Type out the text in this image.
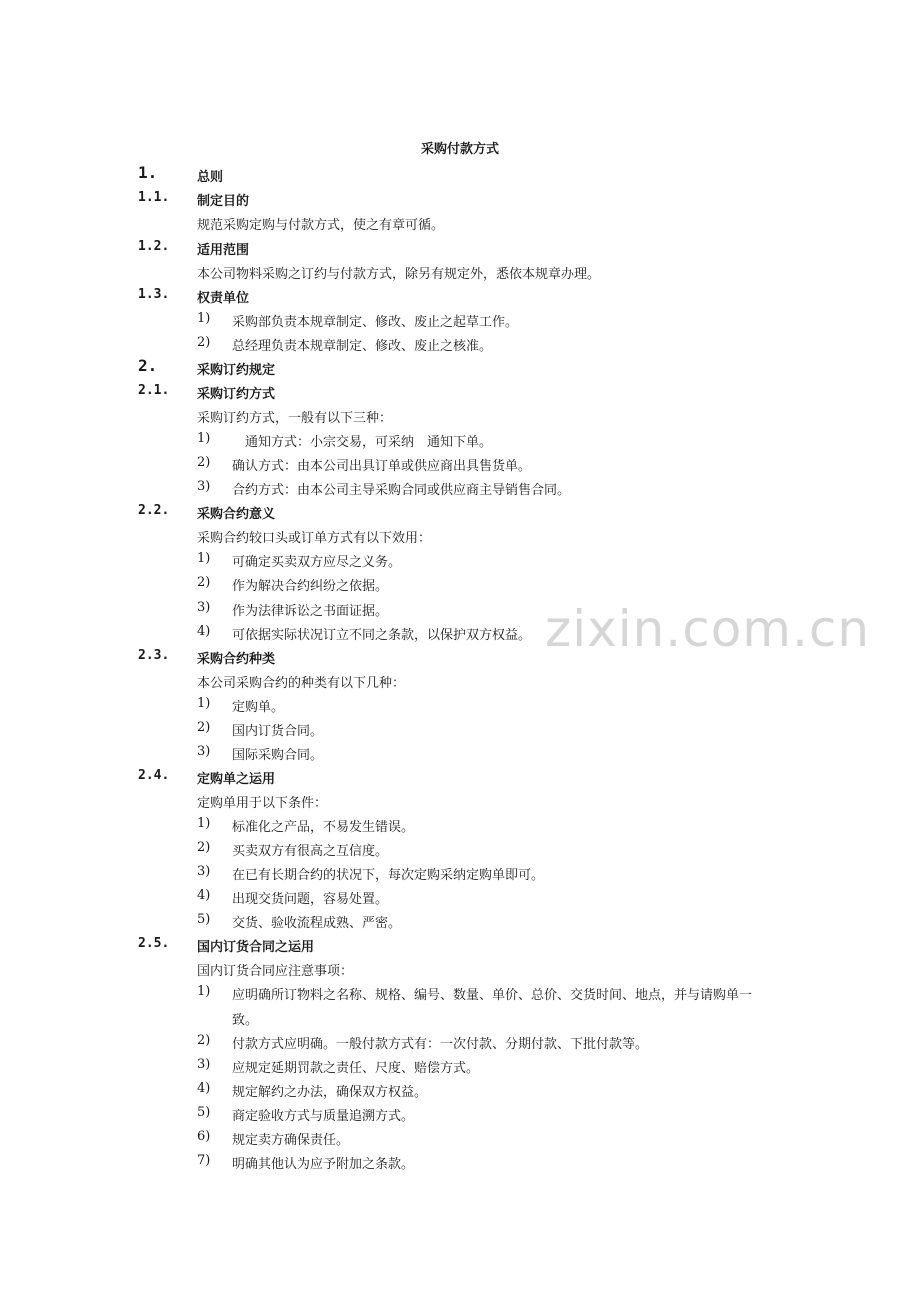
采购付款方式
zixin.com.cn
1.	总则
1.1. 制定目的
规范采购定购与付款方式，使之有章可循。
1.2. 适用范围
本公司物料采购之订约与付款方式，除另有规定外，悉依本规章办理。
1.3. 权责单位
1) 采购部负责本规章制定、修改、废止之起草工作。
2) 总经理负责本规章制定、修改、废止之核准。
2.	采购订约规定
2.1. 采购订约方式
采购订约方式，一般有以下三种：
1) 　通知方式：小宗交易，可采纳　通知下单。
2) 确认方式：由本公司出具订单或供应商出具售货单。
3) 合约方式：由本公司主导采购合同或供应商主导销售合同。
2.2. 采购合约意义
采购合约较口头或订单方式有以下效用：
1) 可确定买卖双方应尽之义务。
2) 作为解决合约纠纷之依据。
3) 作为法律诉讼之书面证据。
4) 可依据实际状况订立不同之条款，以保护双方权益。
2.3. 采购合约种类
本公司采购合约的种类有以下几种：
1) 定购单。
2) 国内订货合同。
3) 国际采购合同。
2.4. 定购单之运用
定购单用于以下条件：
1) 标准化之产品，不易发生错误。
2) 买卖双方有很高之互信度。
3) 在已有长期合约的状况下，每次定购采纳定购单即可。
4) 出现交货问题，容易处置。
5) 交货、验收流程成熟、严密。
2.5. 国内订货合同之运用
国内订货合同应注意事项：
1) 应明确所订物料之名称、规格、编号、数量、单价、总价、交货时间、地点，并与请购单一
致。
2) 付款方式应明确。一般付款方式有：一次付款、分期付款、下批付款等。
3) 应规定延期罚款之责任、尺度、赔偿方式。
4) 规定解约之办法，确保双方权益。
5) 商定验收方式与质量追溯方式。
6) 规定卖方确保责任。
7) 明确其他认为应予附加之条款。
